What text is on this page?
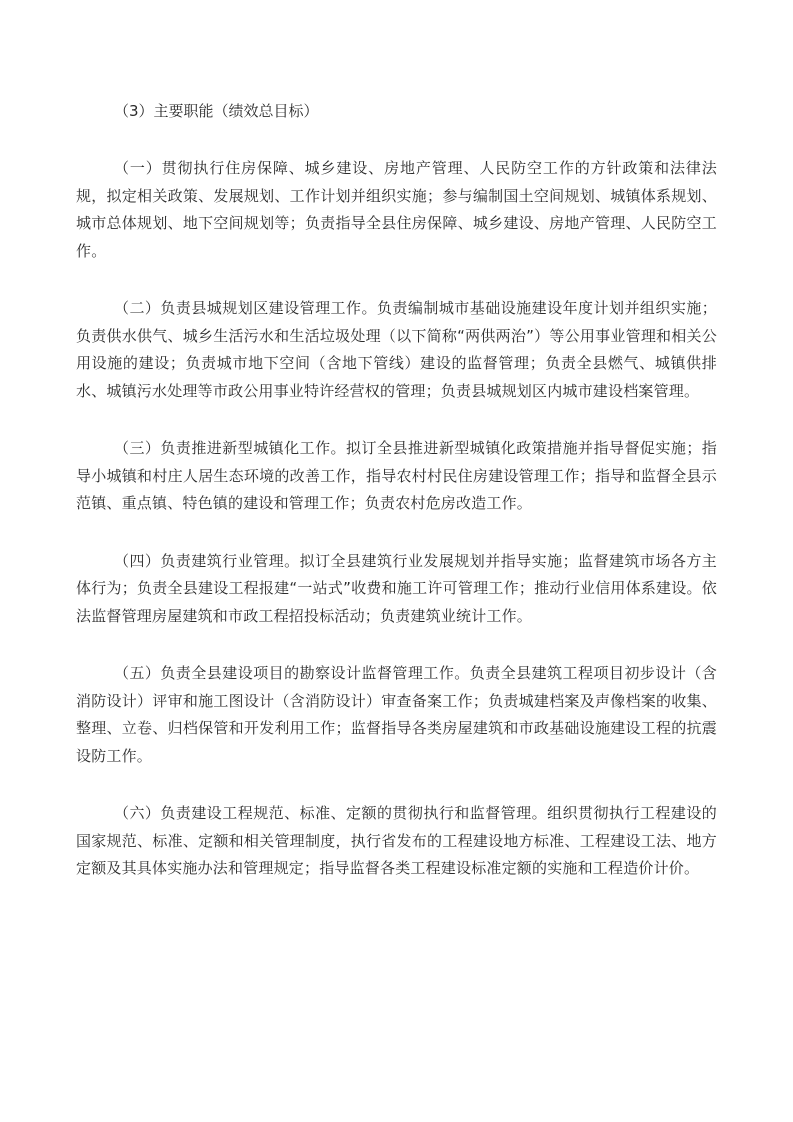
（3）主要职能（绩效总目标）

（一）贯彻执行住房保障、城乡建设、房地产管理、人民防空工作的方针政策和法律法规，拟定相关政策、发展规划、工作计划并组织实施；参与编制国土空间规划、城镇体系规划、城市总体规划、地下空间规划等；负责指导全县住房保障、城乡建设、房地产管理、人民防空工作。

（二）负责县城规划区建设管理工作。负责编制城市基础设施建设年度计划并组织实施；负责供水供气、城乡生活污水和生活垃圾处理（以下简称“两供两治”）等公用事业管理和相关公用设施的建设；负责城市地下空间（含地下管线）建设的监督管理；负责全县燃气、城镇供排水、城镇污水处理等市政公用事业特许经营权的管理；负责县城规划区内城市建设档案管理。

（三）负责推进新型城镇化工作。拟订全县推进新型城镇化政策措施并指导督促实施；指导小城镇和村庄人居生态环境的改善工作，指导农村村民住房建设管理工作；指导和监督全县示范镇、重点镇、特色镇的建设和管理工作；负责农村危房改造工作。

（四）负责建筑行业管理。拟订全县建筑行业发展规划并指导实施；监督建筑市场各方主体行为；负责全县建设工程报建“一站式”收费和施工许可管理工作；推动行业信用体系建设。依法监督管理房屋建筑和市政工程招投标活动；负责建筑业统计工作。

（五）负责全县建设项目的勘察设计监督管理工作。负责全县建筑工程项目初步设计（含消防设计）评审和施工图设计（含消防设计）审查备案工作；负责城建档案及声像档案的收集、整理、立卷、归档保管和开发利用工作；监督指导各类房屋建筑和市政基础设施建设工程的抗震设防工作。

（六）负责建设工程规范、标准、定额的贯彻执行和监督管理。组织贯彻执行工程建设的国家规范、标准、定额和相关管理制度，执行省发布的工程建设地方标准、工程建设工法、地方定额及其具体实施办法和管理规定；指导监督各类工程建设标准定额的实施和工程造价计价。
